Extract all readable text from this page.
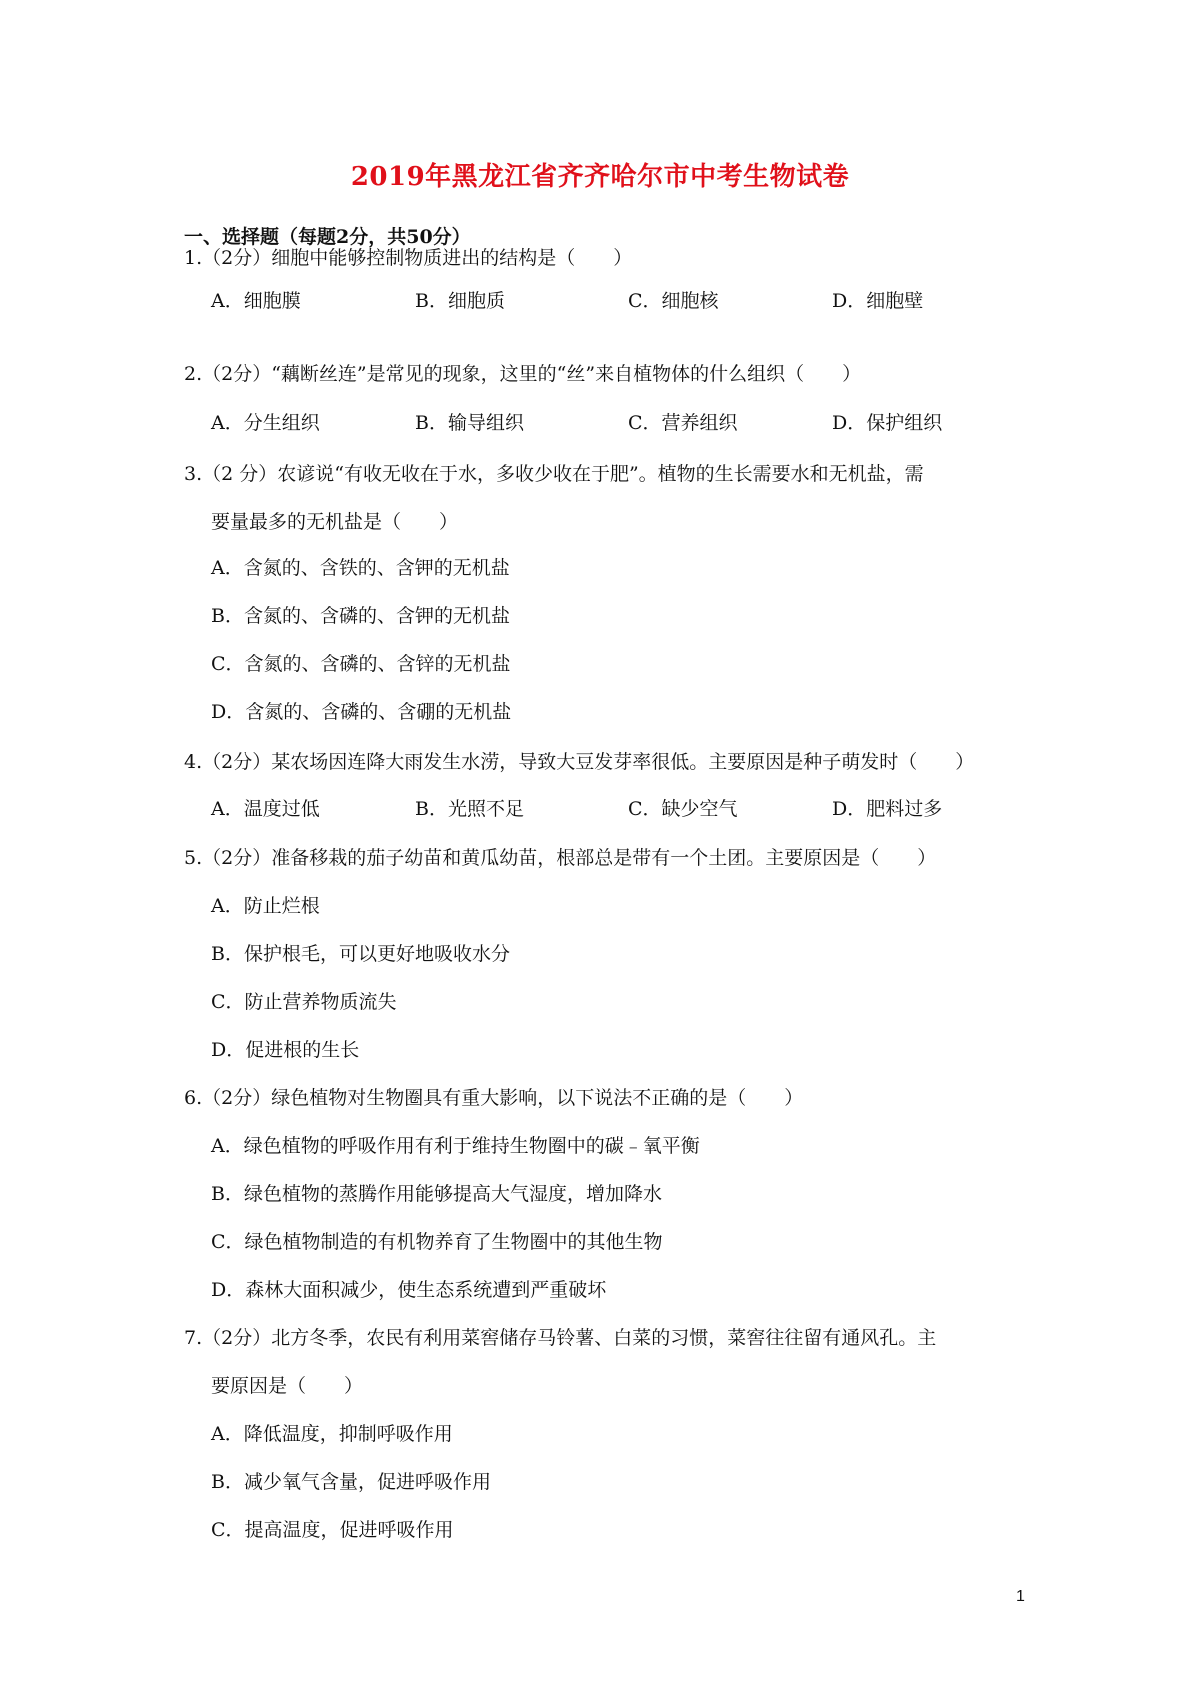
2019年黑龙江省齐齐哈尔市中考生物试卷
一、选择题（每题2分，共50分）
1.（2分）细胞中能够控制物质进出的结构是（　　）
A．细胞膜	B．细胞质	C．细胞核	D．细胞壁
2.（2分）“藕断丝连”是常见的现象，这里的“丝”来自植物体的什么组织（　　）
A．分生组织	B．输导组织	C．营养组织	D．保护组织
3.（2 分）农谚说“有收无收在于水，多收少收在于肥”。植物的生长需要水和无机盐，需
要量最多的无机盐是（　　）
A．含氮的、含铁的、含钾的无机盐
B．含氮的、含磷的、含钾的无机盐
C．含氮的、含磷的、含锌的无机盐
D．含氮的、含磷的、含硼的无机盐
4.（2分）某农场因连降大雨发生水涝，导致大豆发芽率很低。主要原因是种子萌发时（　　）
A．温度过低	B．光照不足	C．缺少空气	D．肥料过多
5.（2分）准备移栽的茄子幼苗和黄瓜幼苗，根部总是带有一个土团。主要原因是（　　）
A．防止烂根
B．保护根毛，可以更好地吸收水分
C．防止营养物质流失
D．促进根的生长
6.（2分）绿色植物对生物圈具有重大影响，以下说法不正确的是（　　）
A．绿色植物的呼吸作用有利于维持生物圈中的碳﹣氧平衡
B．绿色植物的蒸腾作用能够提高大气湿度，增加降水
C．绿色植物制造的有机物养育了生物圈中的其他生物
D．森林大面积减少，使生态系统遭到严重破坏
7.（2分）北方冬季，农民有利用菜窖储存马铃薯、白菜的习惯，菜窖往往留有通风孔。主
要原因是（　　）
A．降低温度，抑制呼吸作用
B．减少氧气含量，促进呼吸作用
C．提高温度，促进呼吸作用
1
